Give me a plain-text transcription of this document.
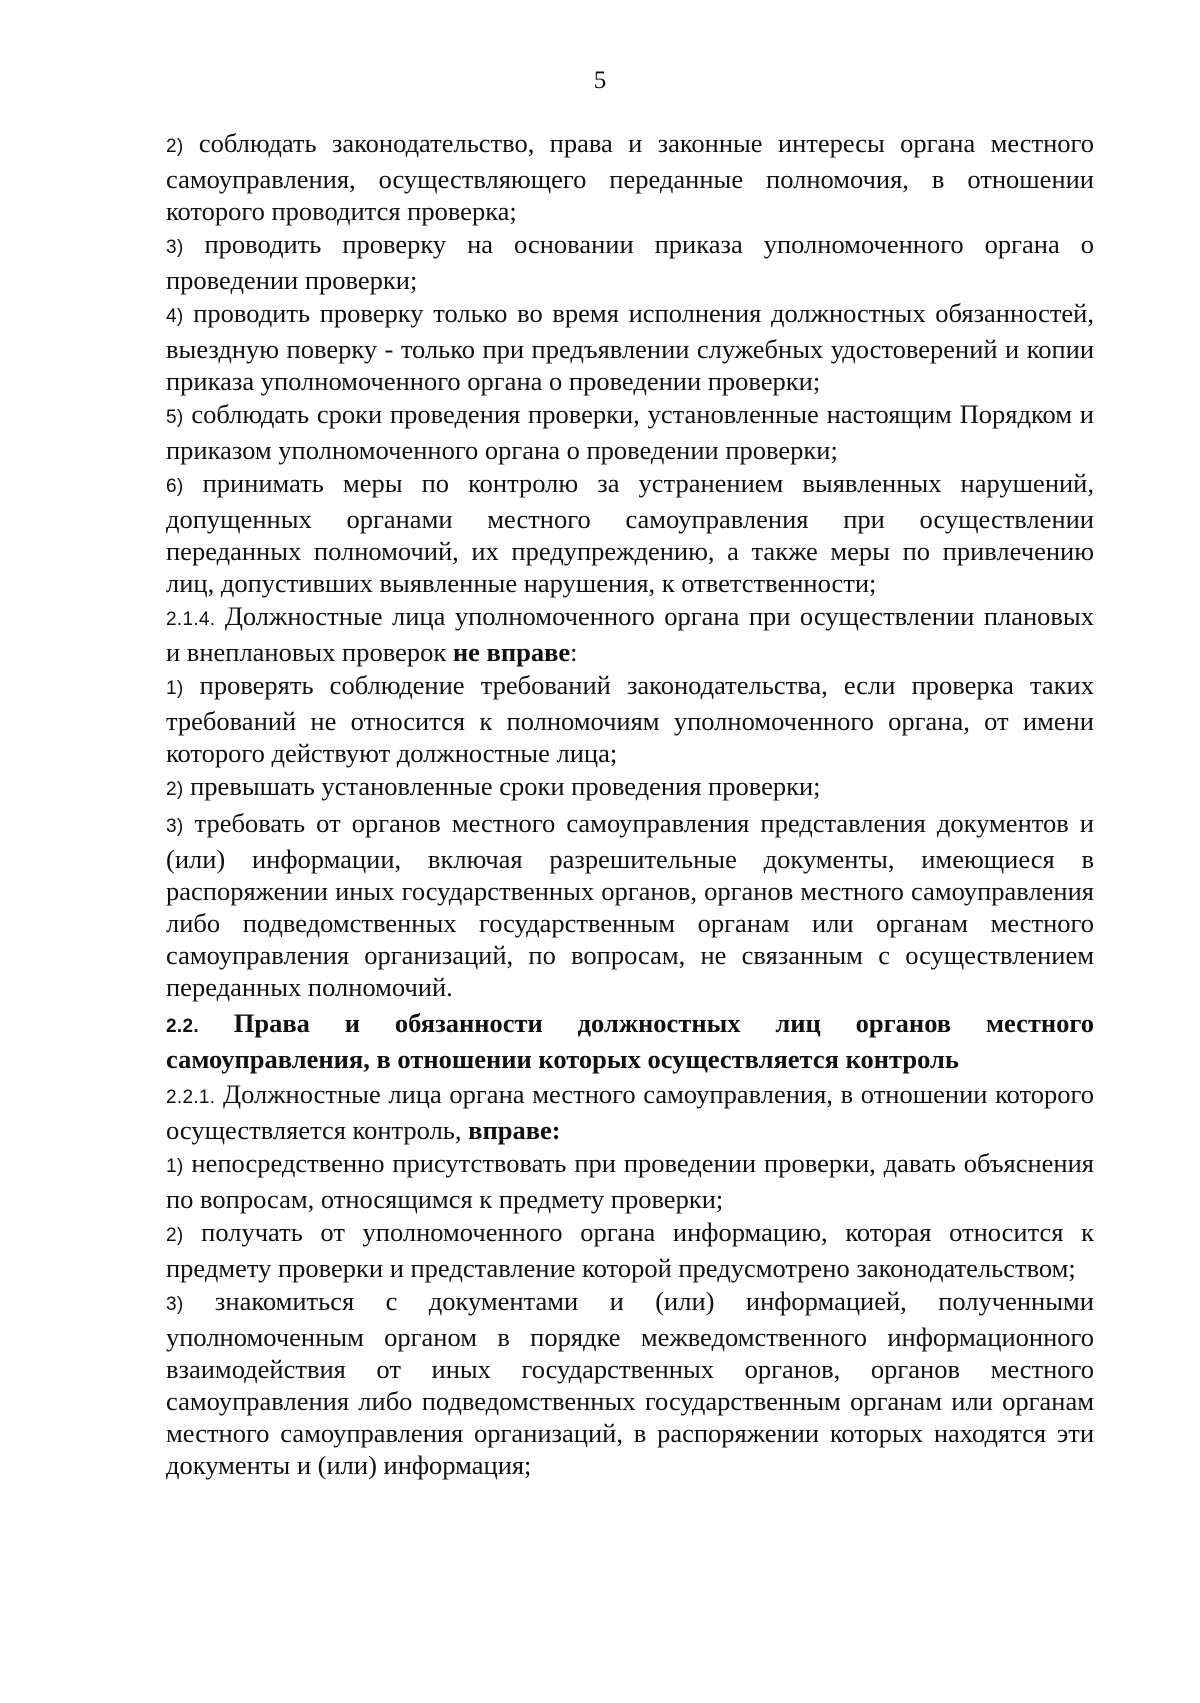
5

2) соблюдать законодательство, права и законные интересы органа местного самоуправления, осуществляющего переданные полномочия, в отношении которого проводится проверка;

3) проводить проверку на основании приказа уполномоченного органа о проведении проверки;

4) проводить проверку только во время исполнения должностных обязанностей, выездную поверку - только при предъявлении служебных удостоверений и копии приказа уполномоченного органа о проведении проверки;

5) соблюдать сроки проведения проверки, установленные настоящим Порядком и приказом уполномоченного органа о проведении проверки;

6) принимать меры по контролю за устранением выявленных нарушений, допущенных органами местного самоуправления при осуществлении переданных полномочий, их предупреждению, а также меры по привлечению лиц, допустивших выявленные нарушения, к ответственности;

2.1.4. Должностные лица уполномоченного органа при осуществлении плановых и внеплановых проверок не вправе:

1) проверять соблюдение требований законодательства, если проверка таких требований не относится к полномочиям уполномоченного органа, от имени которого действуют должностные лица;

2) превышать установленные сроки проведения проверки;

3) требовать от органов местного самоуправления представления документов и (или) информации, включая разрешительные документы, имеющиеся в распоряжении иных государственных органов, органов местного самоуправления либо подведомственных государственным органам или органам местного самоуправления организаций, по вопросам, не связанным с осуществлением переданных полномочий.

2.2. Права и обязанности должностных лиц органов местного самоуправления, в отношении которых осуществляется контроль

2.2.1. Должностные лица органа местного самоуправления, в отношении которого осуществляется контроль, вправе:

1) непосредственно присутствовать при проведении проверки, давать объяснения по вопросам, относящимся к предмету проверки;

2) получать от уполномоченного органа информацию, которая относится к предмету проверки и представление которой предусмотрено законодательством;

3) знакомиться с документами и (или) информацией, полученными уполномоченным органом в порядке межведомственного информационного взаимодействия от иных государственных органов, органов местного самоуправления либо подведомственных государственным органам или органам местного самоуправления организаций, в распоряжении которых находятся эти документы и (или) информация;
